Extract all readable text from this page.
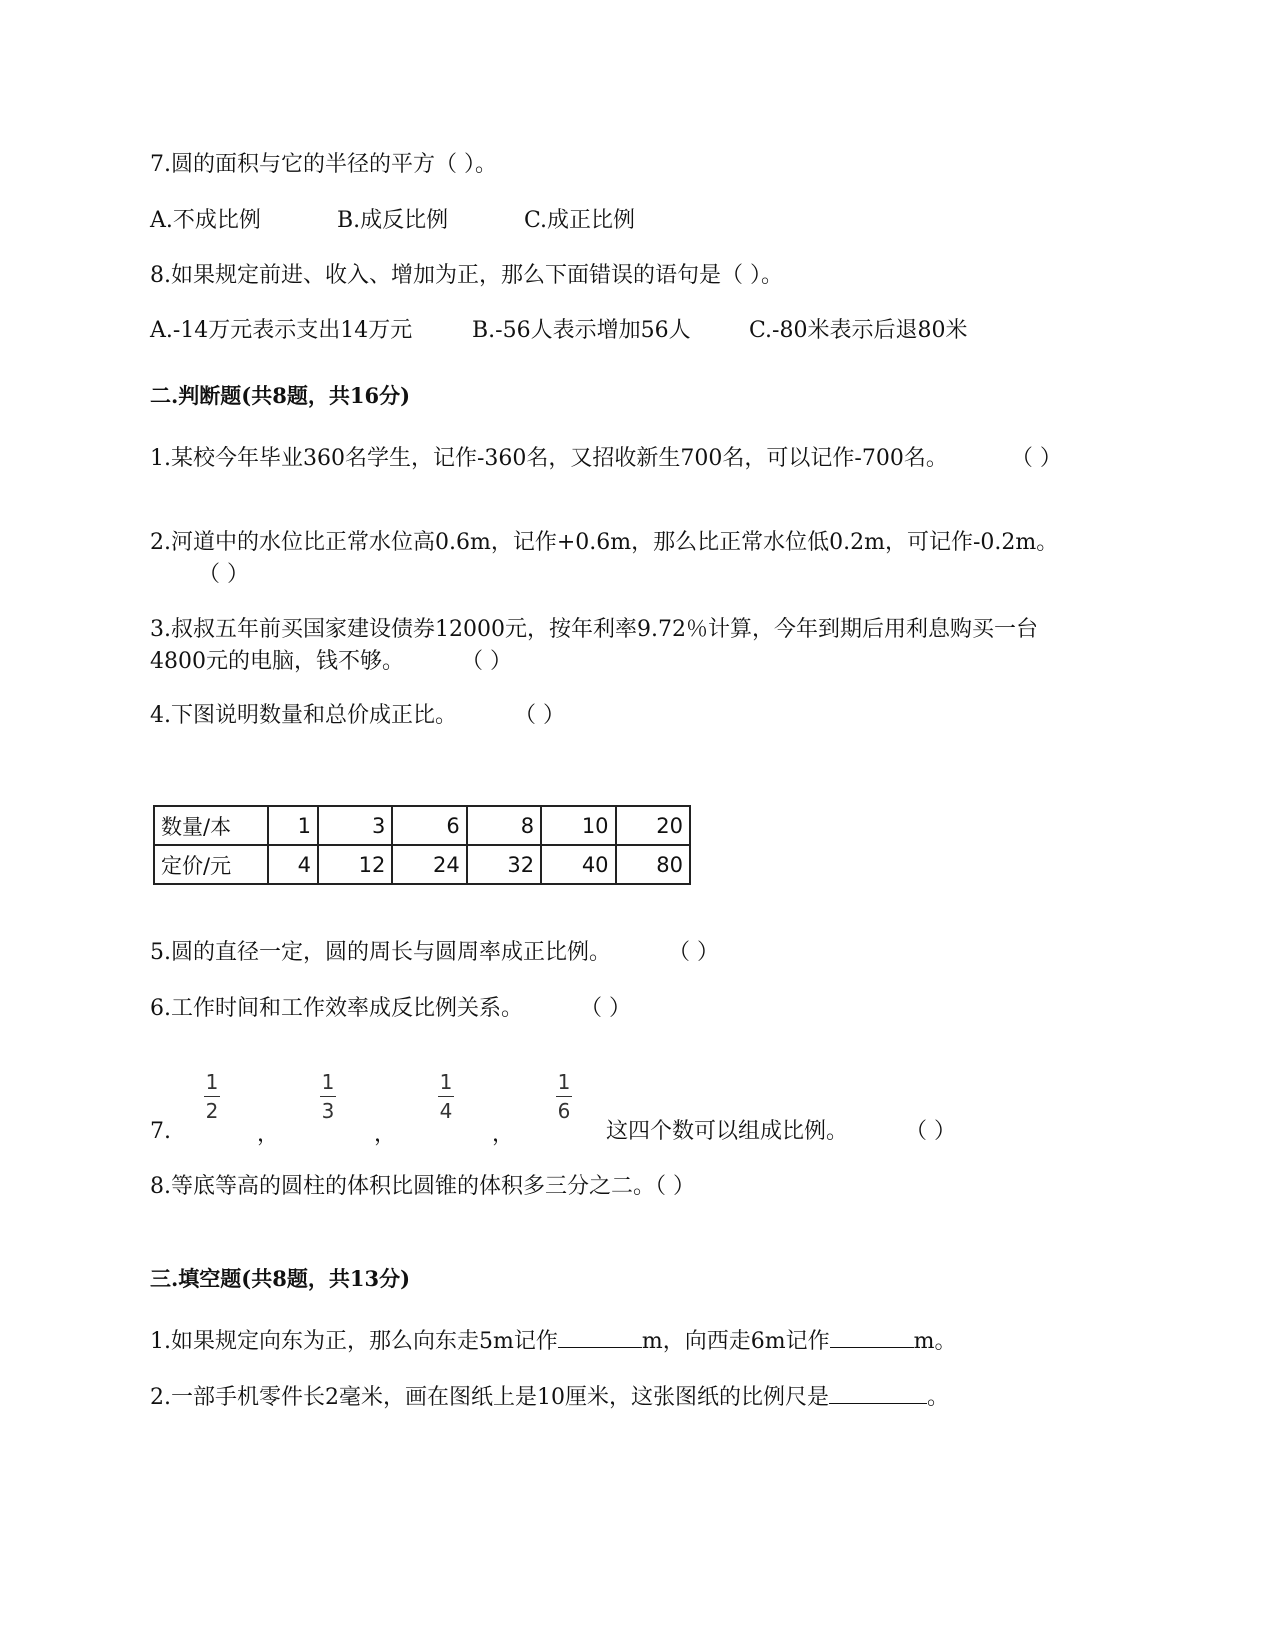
7.圆的面积与它的半径的平方（ ）。
A.不成比例	B.成反比例	C.成正比例
8.如果规定前进、收入、增加为正，那么下面错误的语句是（ ）。
A.-14万元表示支出14万元	B.-56人表示增加56人	C.-80米表示后退80米
二.判断题(共8题，共16分)
1.某校今年毕业360名学生，记作-360名，又招收新生700名，可以记作-700名。	（ ）
2.河道中的水位比正常水位高0.6m，记作+0.6m，那么比正常水位低0.2m，可记作-0.2m。
（ ）
3.叔叔五年前买国家建设债券12000元，按年利率9.72％计算，今年到期后用利息购买一台
4800元的电脑，钱不够。	（ ）
4.下图说明数量和总价成正比。	（ ）
数量/本	1	3	6	8	10	20
定价/元	4	12	24	32	40	80
5.圆的直径一定，圆的周长与圆周率成正比例。	（ ）
6.工作时间和工作效率成反比例关系。	（ ）
7.
1
2
，
1
3
，
1
4
，
1
6
这四个数可以组成比例。	（ ）
8.等底等高的圆柱的体积比圆锥的体积多三分之二。（ ）
三.填空题(共8题，共13分)
1.如果规定向东为正，那么向东走5m记作	m，向西走6m记作	m。
2.一部手机零件长2毫米，画在图纸上是10厘米，这张图纸的比例尺是	。
